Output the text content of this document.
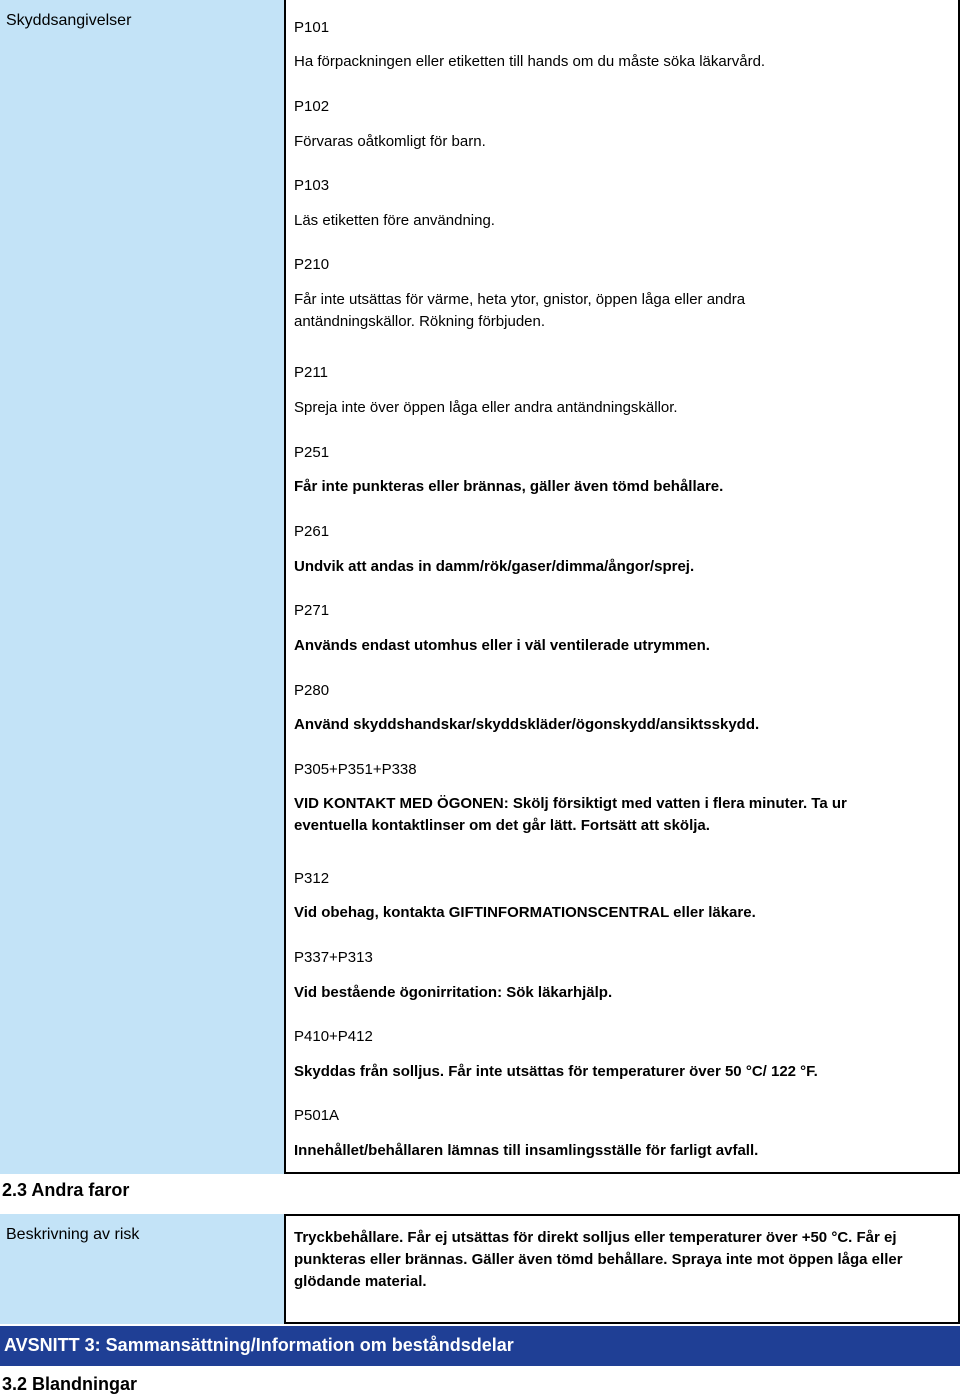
Skyddsangivelser	P101
Ha förpackningen eller etiketten till hands om du måste söka läkarvård.
P102
Förvaras oåtkomligt för barn.
P103
Läs etiketten före användning.
P210
Får inte utsättas för värme, heta ytor, gnistor, öppen låga eller andra antändningskällor. Rökning förbjuden.
P211
Spreja inte över öppen låga eller andra antändningskällor.
P251
Får inte punkteras eller brännas, gäller även tömd behållare.
P261
Undvik att andas in damm/rök/gaser/dimma/ångor/sprej.
P271
Används endast utomhus eller i väl ventilerade utrymmen.
P280
Använd skyddshandskar/skyddskläder/ögonskydd/ansiktsskydd.
P305+P351+P338
VID KONTAKT MED ÖGONEN: Skölj försiktigt med vatten i flera minuter. Ta ur eventuella kontaktlinser om det går lätt. Fortsätt att skölja.
P312
Vid obehag, kontakta GIFTINFORMATIONSCENTRAL eller läkare.
P337+P313
Vid bestående ögonirritation: Sök läkarhjälp.
P410+P412
Skyddas från solljus. Får inte utsättas för temperaturer över 50 °C/ 122 °F.
P501A
Innehållet/behållaren lämnas till insamlingsställe för farligt avfall.
2.3 Andra faror
Beskrivning av risk	Tryckbehållare. Får ej utsättas för direkt solljus eller temperaturer över +50 °C. Får ej punkteras eller brännas. Gäller även tömd behållare. Spraya inte mot öppen låga eller glödande material.
AVSNITT 3: Sammansättning/Information om beståndsdelar
3.2 Blandningar
